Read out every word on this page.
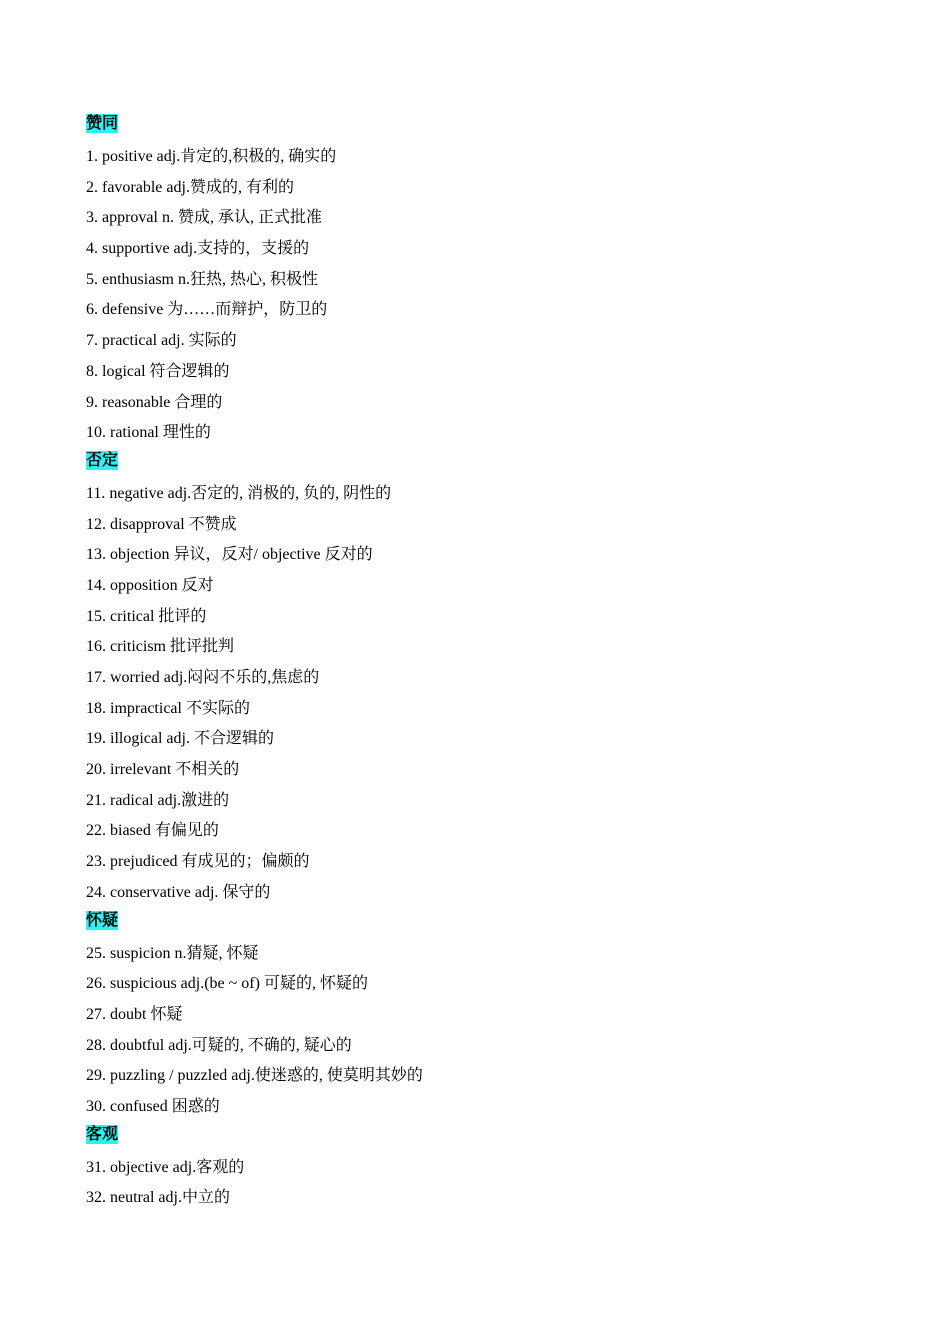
赞同
1. positive adj.肯定的,积极的, 确实的
2. favorable adj.赞成的, 有利的
3. approval n. 赞成, 承认, 正式批准
4. supportive adj.支持的，支援的
5. enthusiasm n.狂热, 热心, 积极性
6. defensive 为……而辩护，防卫的
7. practical adj. 实际的
8. logical 符合逻辑的
9. reasonable 合理的
10. rational 理性的
否定
11. negative adj.否定的, 消极的, 负的, 阴性的
12. disapproval 不赞成
13. objection 异议，反对/ objective 反对的
14. opposition 反对
15. critical 批评的
16. criticism 批评批判
17. worried adj.闷闷不乐的,焦虑的
18. impractical 不实际的
19. illogical adj. 不合逻辑的
20. irrelevant 不相关的
21. radical adj.激进的
22. biased 有偏见的
23. prejudiced 有成见的；偏颇的
24. conservative adj. 保守的
怀疑
25. suspicion n.猜疑, 怀疑
26. suspicious adj.(be ~ of) 可疑的, 怀疑的
27. doubt 怀疑
28. doubtful adj.可疑的, 不确的, 疑心的
29. puzzling / puzzled adj.使迷惑的, 使莫明其妙的
30. confused 困惑的
客观
31. objective adj.客观的
32. neutral adj.中立的
